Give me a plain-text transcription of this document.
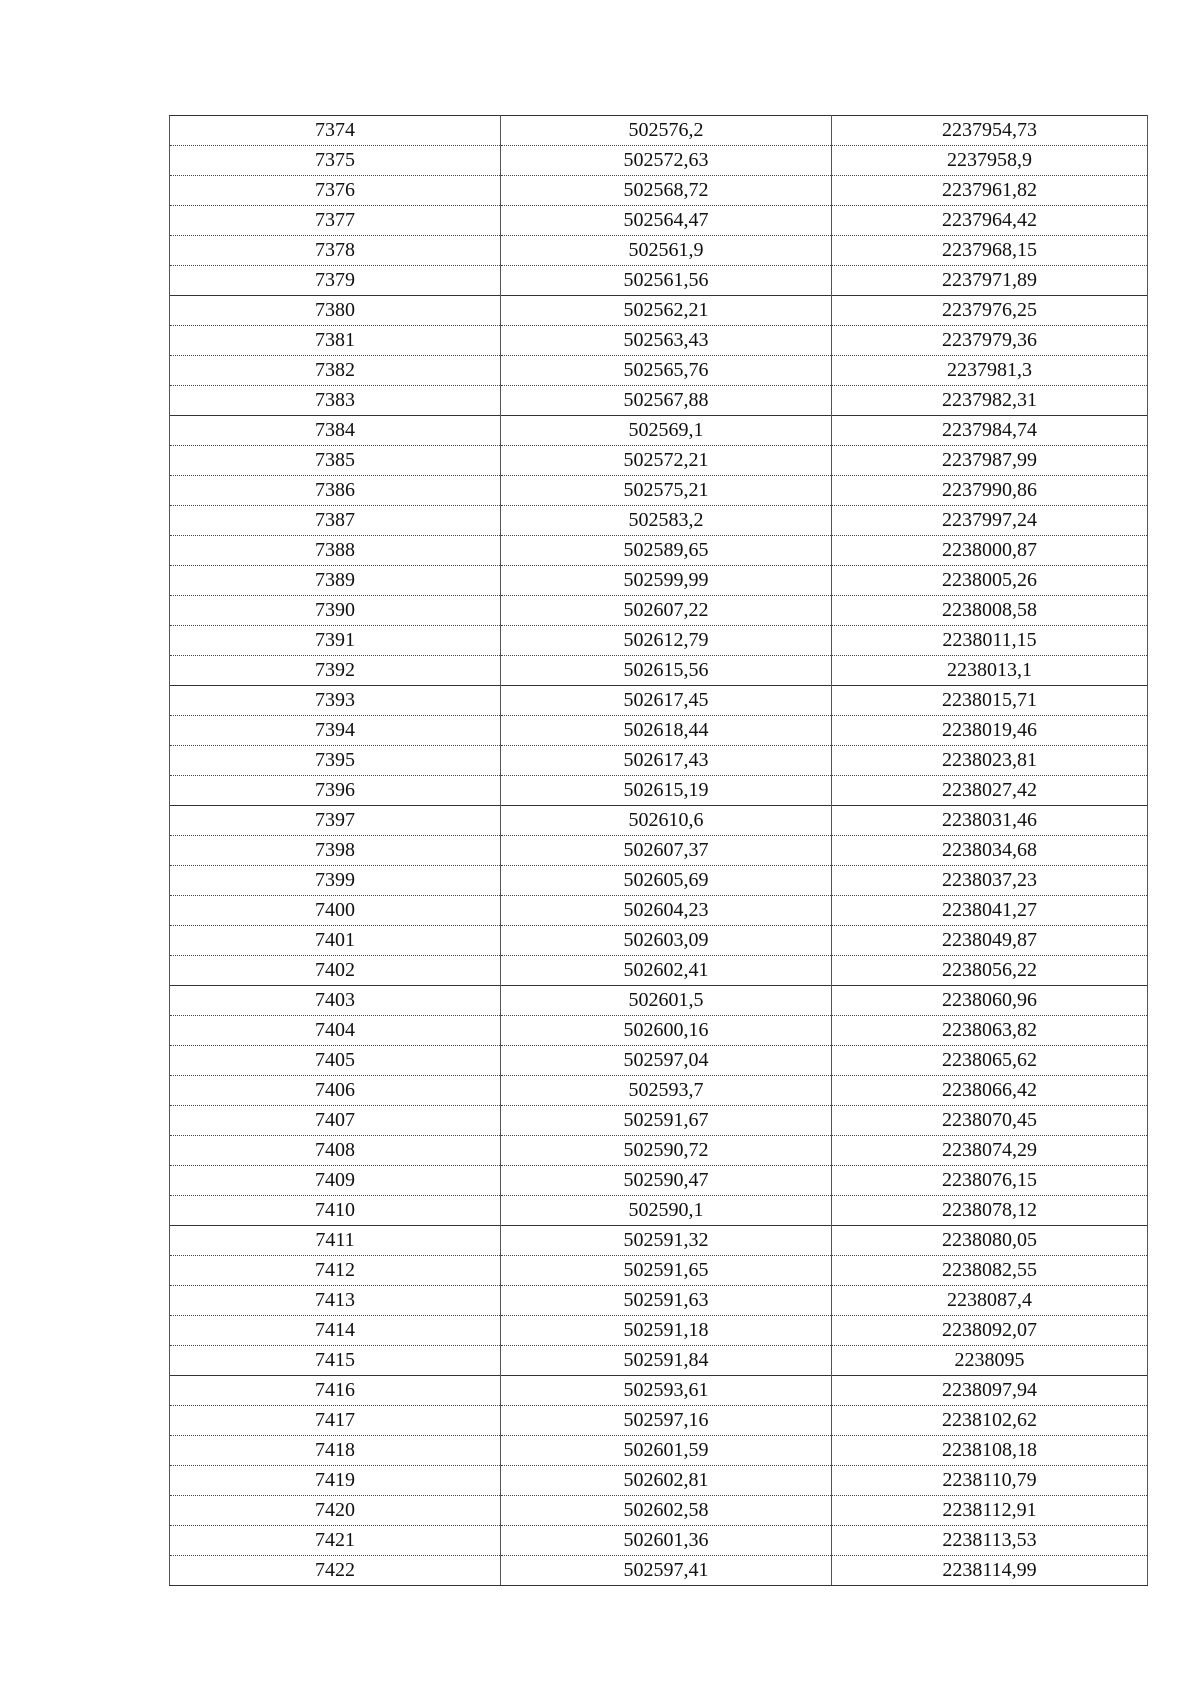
7374	502576,2	2237954,73
7375	502572,63	2237958,9
7376	502568,72	2237961,82
7377	502564,47	2237964,42
7378	502561,9	2237968,15
7379	502561,56	2237971,89
7380	502562,21	2237976,25
7381	502563,43	2237979,36
7382	502565,76	2237981,3
7383	502567,88	2237982,31
7384	502569,1	2237984,74
7385	502572,21	2237987,99
7386	502575,21	2237990,86
7387	502583,2	2237997,24
7388	502589,65	2238000,87
7389	502599,99	2238005,26
7390	502607,22	2238008,58
7391	502612,79	2238011,15
7392	502615,56	2238013,1
7393	502617,45	2238015,71
7394	502618,44	2238019,46
7395	502617,43	2238023,81
7396	502615,19	2238027,42
7397	502610,6	2238031,46
7398	502607,37	2238034,68
7399	502605,69	2238037,23
7400	502604,23	2238041,27
7401	502603,09	2238049,87
7402	502602,41	2238056,22
7403	502601,5	2238060,96
7404	502600,16	2238063,82
7405	502597,04	2238065,62
7406	502593,7	2238066,42
7407	502591,67	2238070,45
7408	502590,72	2238074,29
7409	502590,47	2238076,15
7410	502590,1	2238078,12
7411	502591,32	2238080,05
7412	502591,65	2238082,55
7413	502591,63	2238087,4
7414	502591,18	2238092,07
7415	502591,84	2238095
7416	502593,61	2238097,94
7417	502597,16	2238102,62
7418	502601,59	2238108,18
7419	502602,81	2238110,79
7420	502602,58	2238112,91
7421	502601,36	2238113,53
7422	502597,41	2238114,99
